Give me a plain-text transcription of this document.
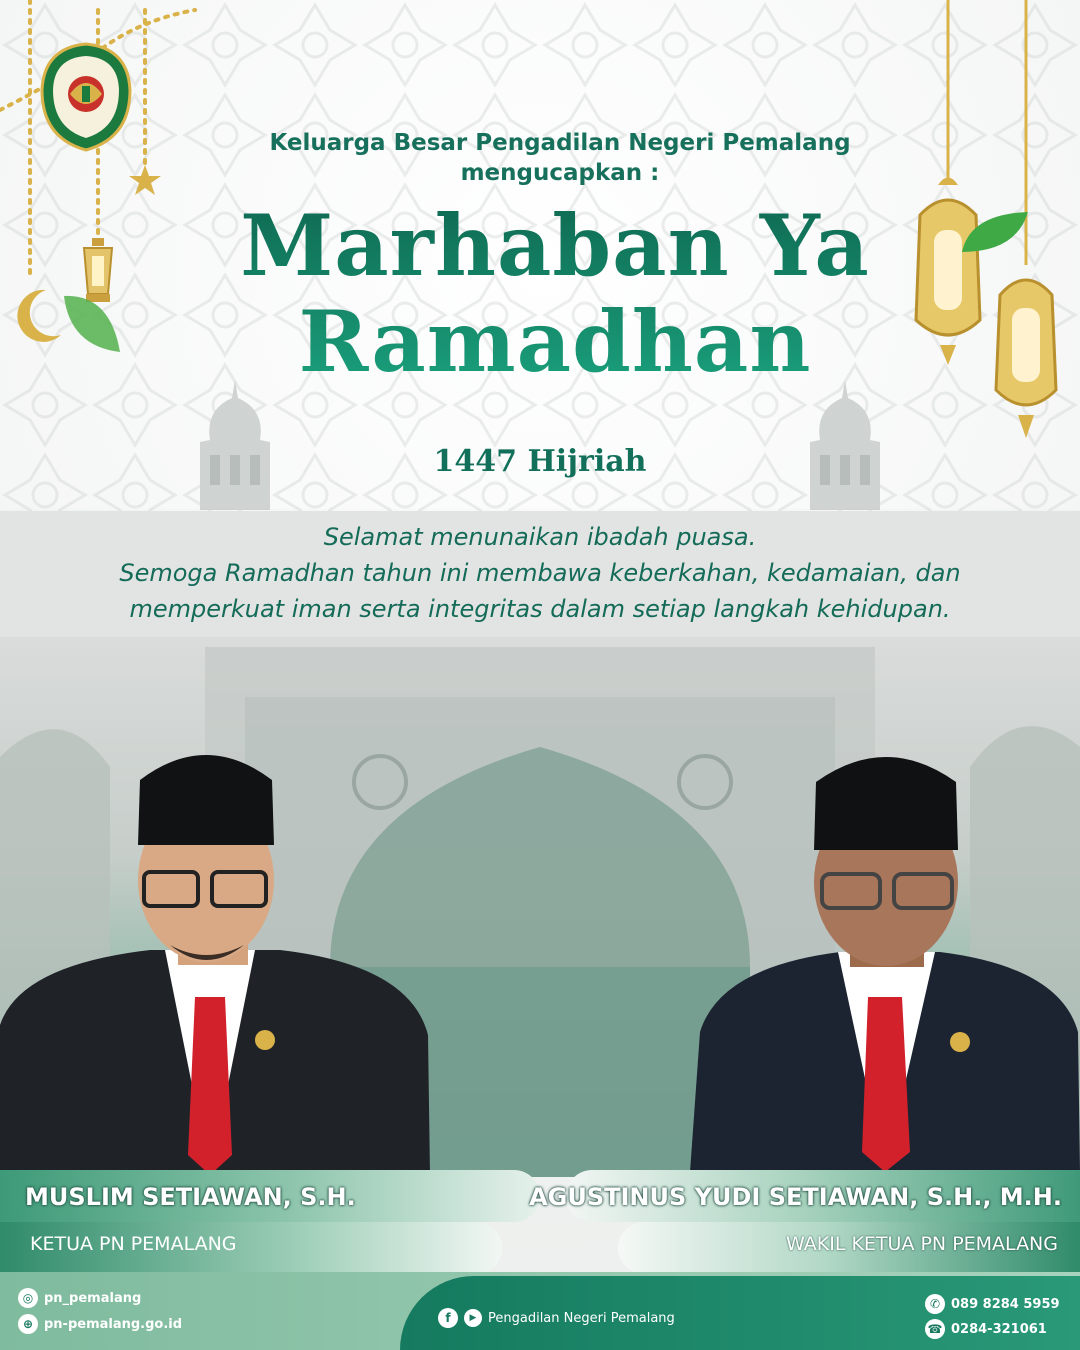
Keluarga Besar Pengadilan Negeri Pemalang
mengucapkan :
Marhaban Ya
Ramadhan
1447 Hijriah
Selamat menunaikan ibadah puasa.
Semoga Ramadhan tahun ini membawa keberkahan, kedamaian, dan
memperkuat iman serta integritas dalam setiap langkah kehidupan.
MUSLIM SETIAWAN, S.H.
KETUA PN PEMALANG
AGUSTINUS YUDI SETIAWAN, S.H., M.H.
WAKIL KETUA PN PEMALANG
◎ pn_pemalang
⊕ pn-pemalang.go.id	f	▶ Pengadilan Negeri Pemalang
✆ 089 8284 5959
☎ 0284-321061
